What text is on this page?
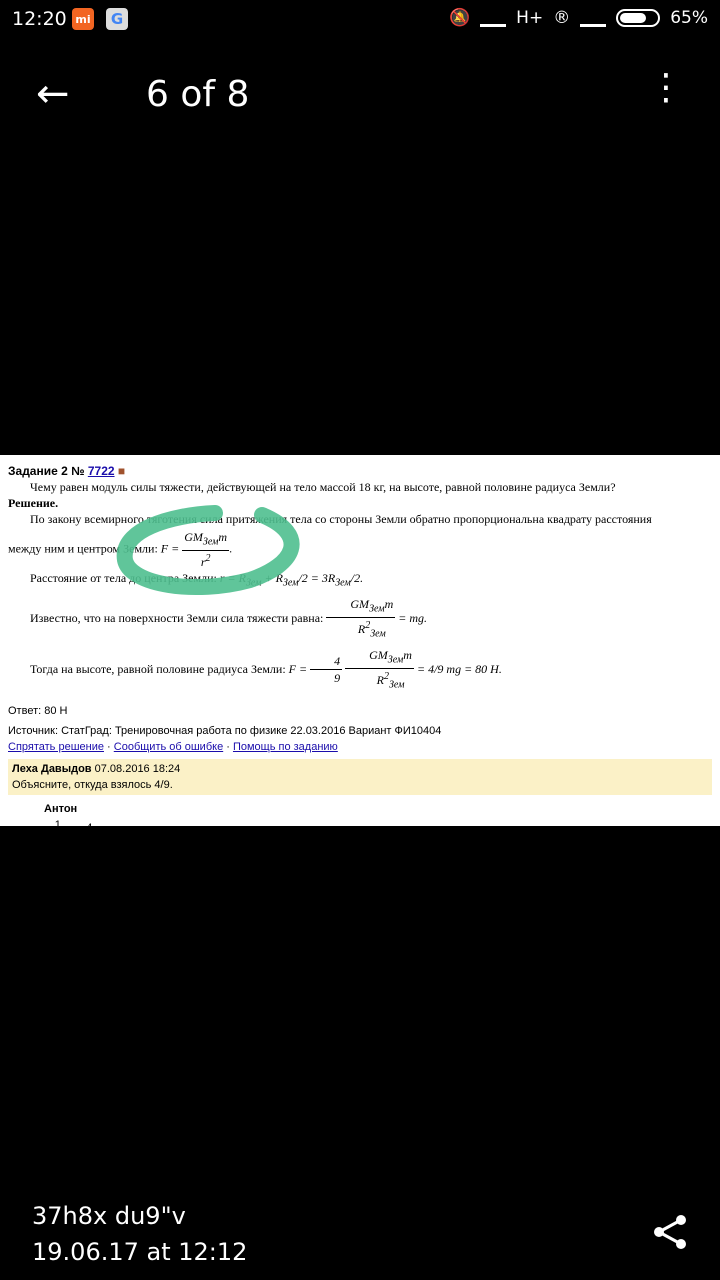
12:20 mi	G	🔕	H+ ®	65%
← 6 of 8	⋮
Задание 2 № 7722 ■

Чему равен модуль силы тяжести, действующей на тело массой 18 кг, на высоте, равной половине радиуса Земли?

Решение.

По закону всемирного тяготения сила притяжения тела со стороны Земли обратно пропорциональна квадрату расстояния

между ним и центром Земли: $F = \frac{GM_{Зем}m}{r^2}$ .
Расстояние от тела до центра Земли: $r = R_{Зем} + R_{Зем}/2 = 3R_{Зем}/2$.
Известно, что на поверхности Земли сила тяжести равна: $\frac{GM_{Зем}m}{R^2_{Зем}}$ = mg.
Тогда на высоте, равной половине радиуса Земли: $F = \frac{4}{9}$
$\frac{GM_{Зем}m}{R^2_{Зем}} = 4/9$ mg = 80 Н.
Ответ: 80 Н
Источник: СтатГрад: Тренировочная работа по физике 22.03.2016 Вариант ФИ10404
Спрятать решение · Сообщить об ошибке · Помощь по заданию
Леха Давыдов 07.08.2016 18:24
Объясните, откуда взялось 4/9.
Антон

$\frac{1}{(3/2)^2} = \frac{4}{9}$ .
37h8x du9"v
19.06.17 at 12:12
